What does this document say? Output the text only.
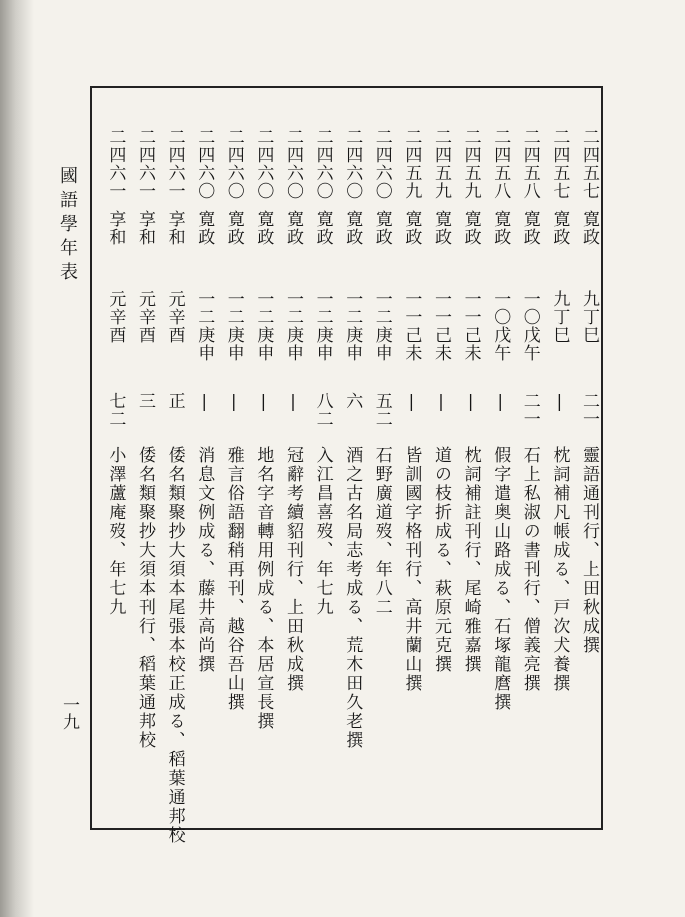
國語學年表
一九
二四五七
寛政
九丁巳
二一
靈語通刊行、上田秋成撰
二四五七
寛政
九丁巳
|
枕詞補凡帳成る、戸次犬養撰
二四五八
寛政
一〇戊午
二一
石上私淑の書刊行、僧義亮撰
二四五八
寛政
一〇戊午
|
假字遣奥山路成る、石塚龍麿撰
二四五九
寛政
一一己未
|
枕詞補註刊行、尾崎雅嘉撰
二四五九
寛政
一一己未
|
道の枝折成る、萩原元克撰
二四五九
寛政
一一己未
|
皆訓國字格刊行、高井蘭山撰
二四六〇
寛政
一二庚申
五二
石野廣道歿、年八二
二四六〇
寛政
一二庚申
六
酒之古名局志考成る、荒木田久老撰
二四六〇
寛政
一二庚申
八二
入江昌喜歿、年七九
二四六〇
寛政
一二庚申
|
冠辭考續貂刊行、上田秋成撰
二四六〇
寛政
一二庚申
|
地名字音轉用例成る、本居宣長撰
二四六〇
寛政
一二庚申
|
雅言俗語翻稍再刊、越谷吾山撰
二四六〇
寛政
一二庚申
|
消息文例成る、藤井高尚撰
二四六一
享和
元辛酉
正
倭名類聚抄大須本尾張本校正成る、稻葉通邦校
二四六一
享和
元辛酉
三
倭名類聚抄大須本刊行、稻葉通邦校
二四六一
享和
元辛酉
七二
小澤蘆庵歿、年七九
